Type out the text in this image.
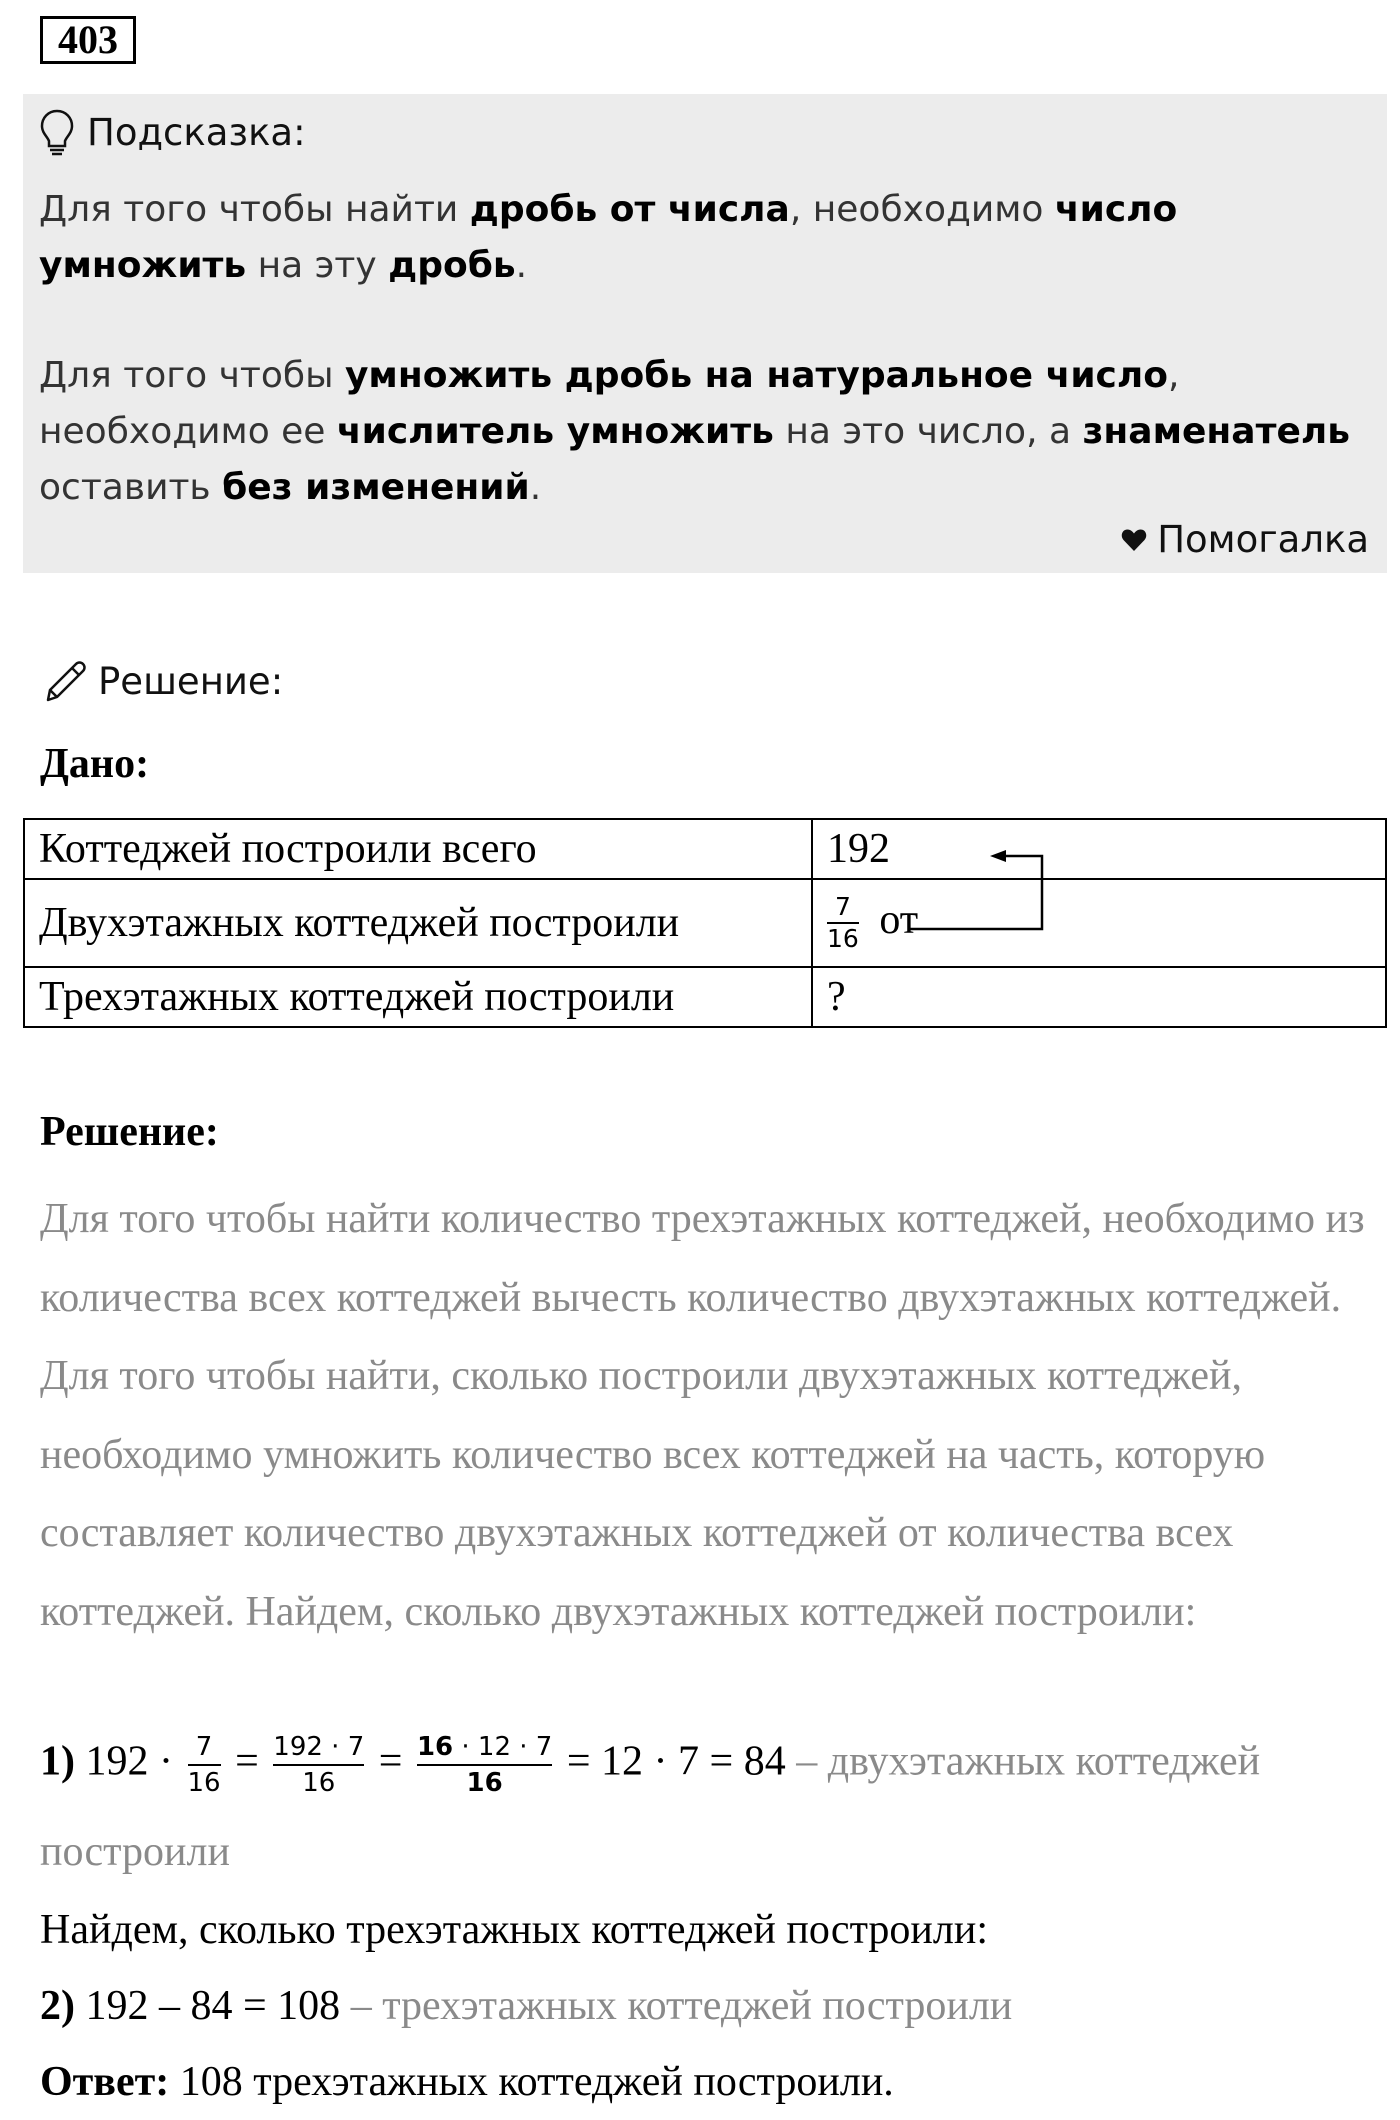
403
Подсказка:
Для того чтобы найти дробь от числа, необходимо число умножить на эту дробь.
Для того чтобы умножить дробь на натуральное число, необходимо ее числитель умножить на это число, а знаменатель оставить без изменений.
Помогалка
Решение:
Дано:
Коттеджей построили всего	192
Двухэтажных коттеджей построили	$\frac{7}{16}$ от
Трехэтажных коттеджей построили	?
Решение:
Для того чтобы найти количество трехэтажных коттеджей, необходимо из количества всех коттеджей вычесть количество двухэтажных коттеджей. Для того чтобы найти, сколько построили двухэтажных коттеджей, необходимо умножить количество всех коттеджей на часть, которую составляет количество двухэтажных коттеджей от количества всех коттеджей. Найдем, сколько двухэтажных коттеджей построили:
1) $192 \cdot \frac{7}{16} = \frac{192 \cdot 7}{16} = \frac{16 \cdot 12 \cdot 7}{16} = 12 \cdot 7 = 84$ – двухэтажных коттеджей
построили
Найдем, сколько трехэтажных коттеджей построили:
2) 192 – 84 = 108 – трехэтажных коттеджей построили
Ответ: 108 трехэтажных коттеджей построили.
